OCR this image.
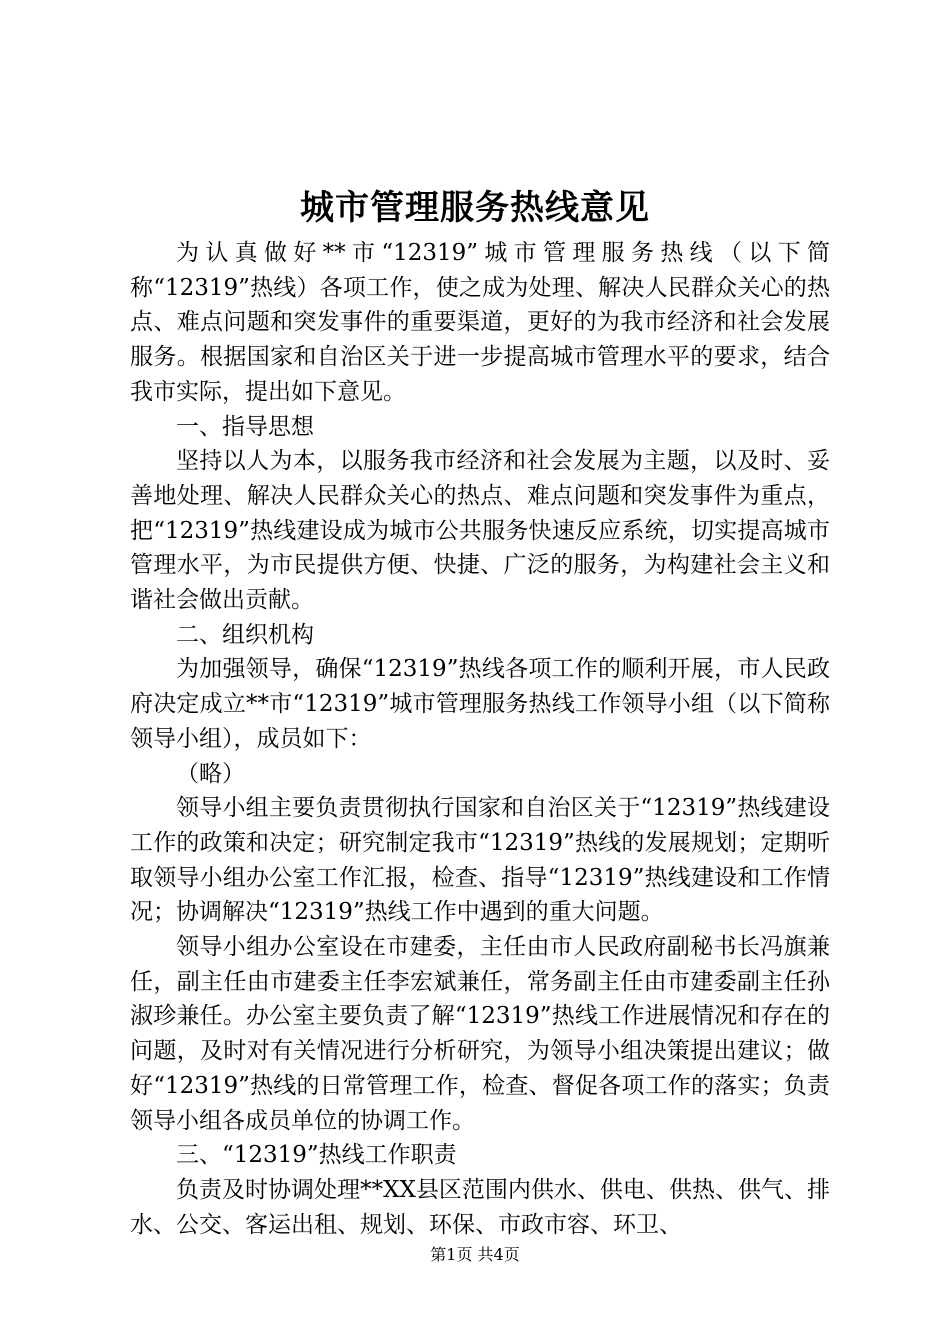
城市管理服务热线意见

为认真做好**市“12319”城市管理服务热线（以下简称“12319”热线）各项工作，使之成为处理、解决人民群众关心的热点、难点问题和突发事件的重要渠道，更好的为我市经济和社会发展服务。根据国家和自治区关于进一步提高城市管理水平的要求，结合我市实际，提出如下意见。

一、指导思想

坚持以人为本，以服务我市经济和社会发展为主题，以及时、妥善地处理、解决人民群众关心的热点、难点问题和突发事件为重点，把“12319”热线建设成为城市公共服务快速反应系统，切实提高城市管理水平，为市民提供方便、快捷、广泛的服务，为构建社会主义和谐社会做出贡献。

二、组织机构

为加强领导，确保“12319”热线各项工作的顺利开展，市人民政府决定成立**市“12319”城市管理服务热线工作领导小组（以下简称领导小组），成员如下：

（略）

领导小组主要负责贯彻执行国家和自治区关于“12319”热线建设工作的政策和决定；研究制定我市“12319”热线的发展规划；定期听取领导小组办公室工作汇报，检查、指导“12319”热线建设和工作情况；协调解决“12319”热线工作中遇到的重大问题。

领导小组办公室设在市建委，主任由市人民政府副秘书长冯旗兼任，副主任由市建委主任李宏斌兼任，常务副主任由市建委副主任孙淑珍兼任。办公室主要负责了解“12319”热线工作进展情况和存在的问题，及时对有关情况进行分析研究，为领导小组决策提出建议；做好“12319”热线的日常管理工作，检查、督促各项工作的落实；负责领导小组各成员单位的协调工作。

三、“12319”热线工作职责

负责及时协调处理**XX县区范围内供水、供电、供热、供气、排水、公交、客运出租、规划、环保、市政市容、环卫、

第1页 共4页
